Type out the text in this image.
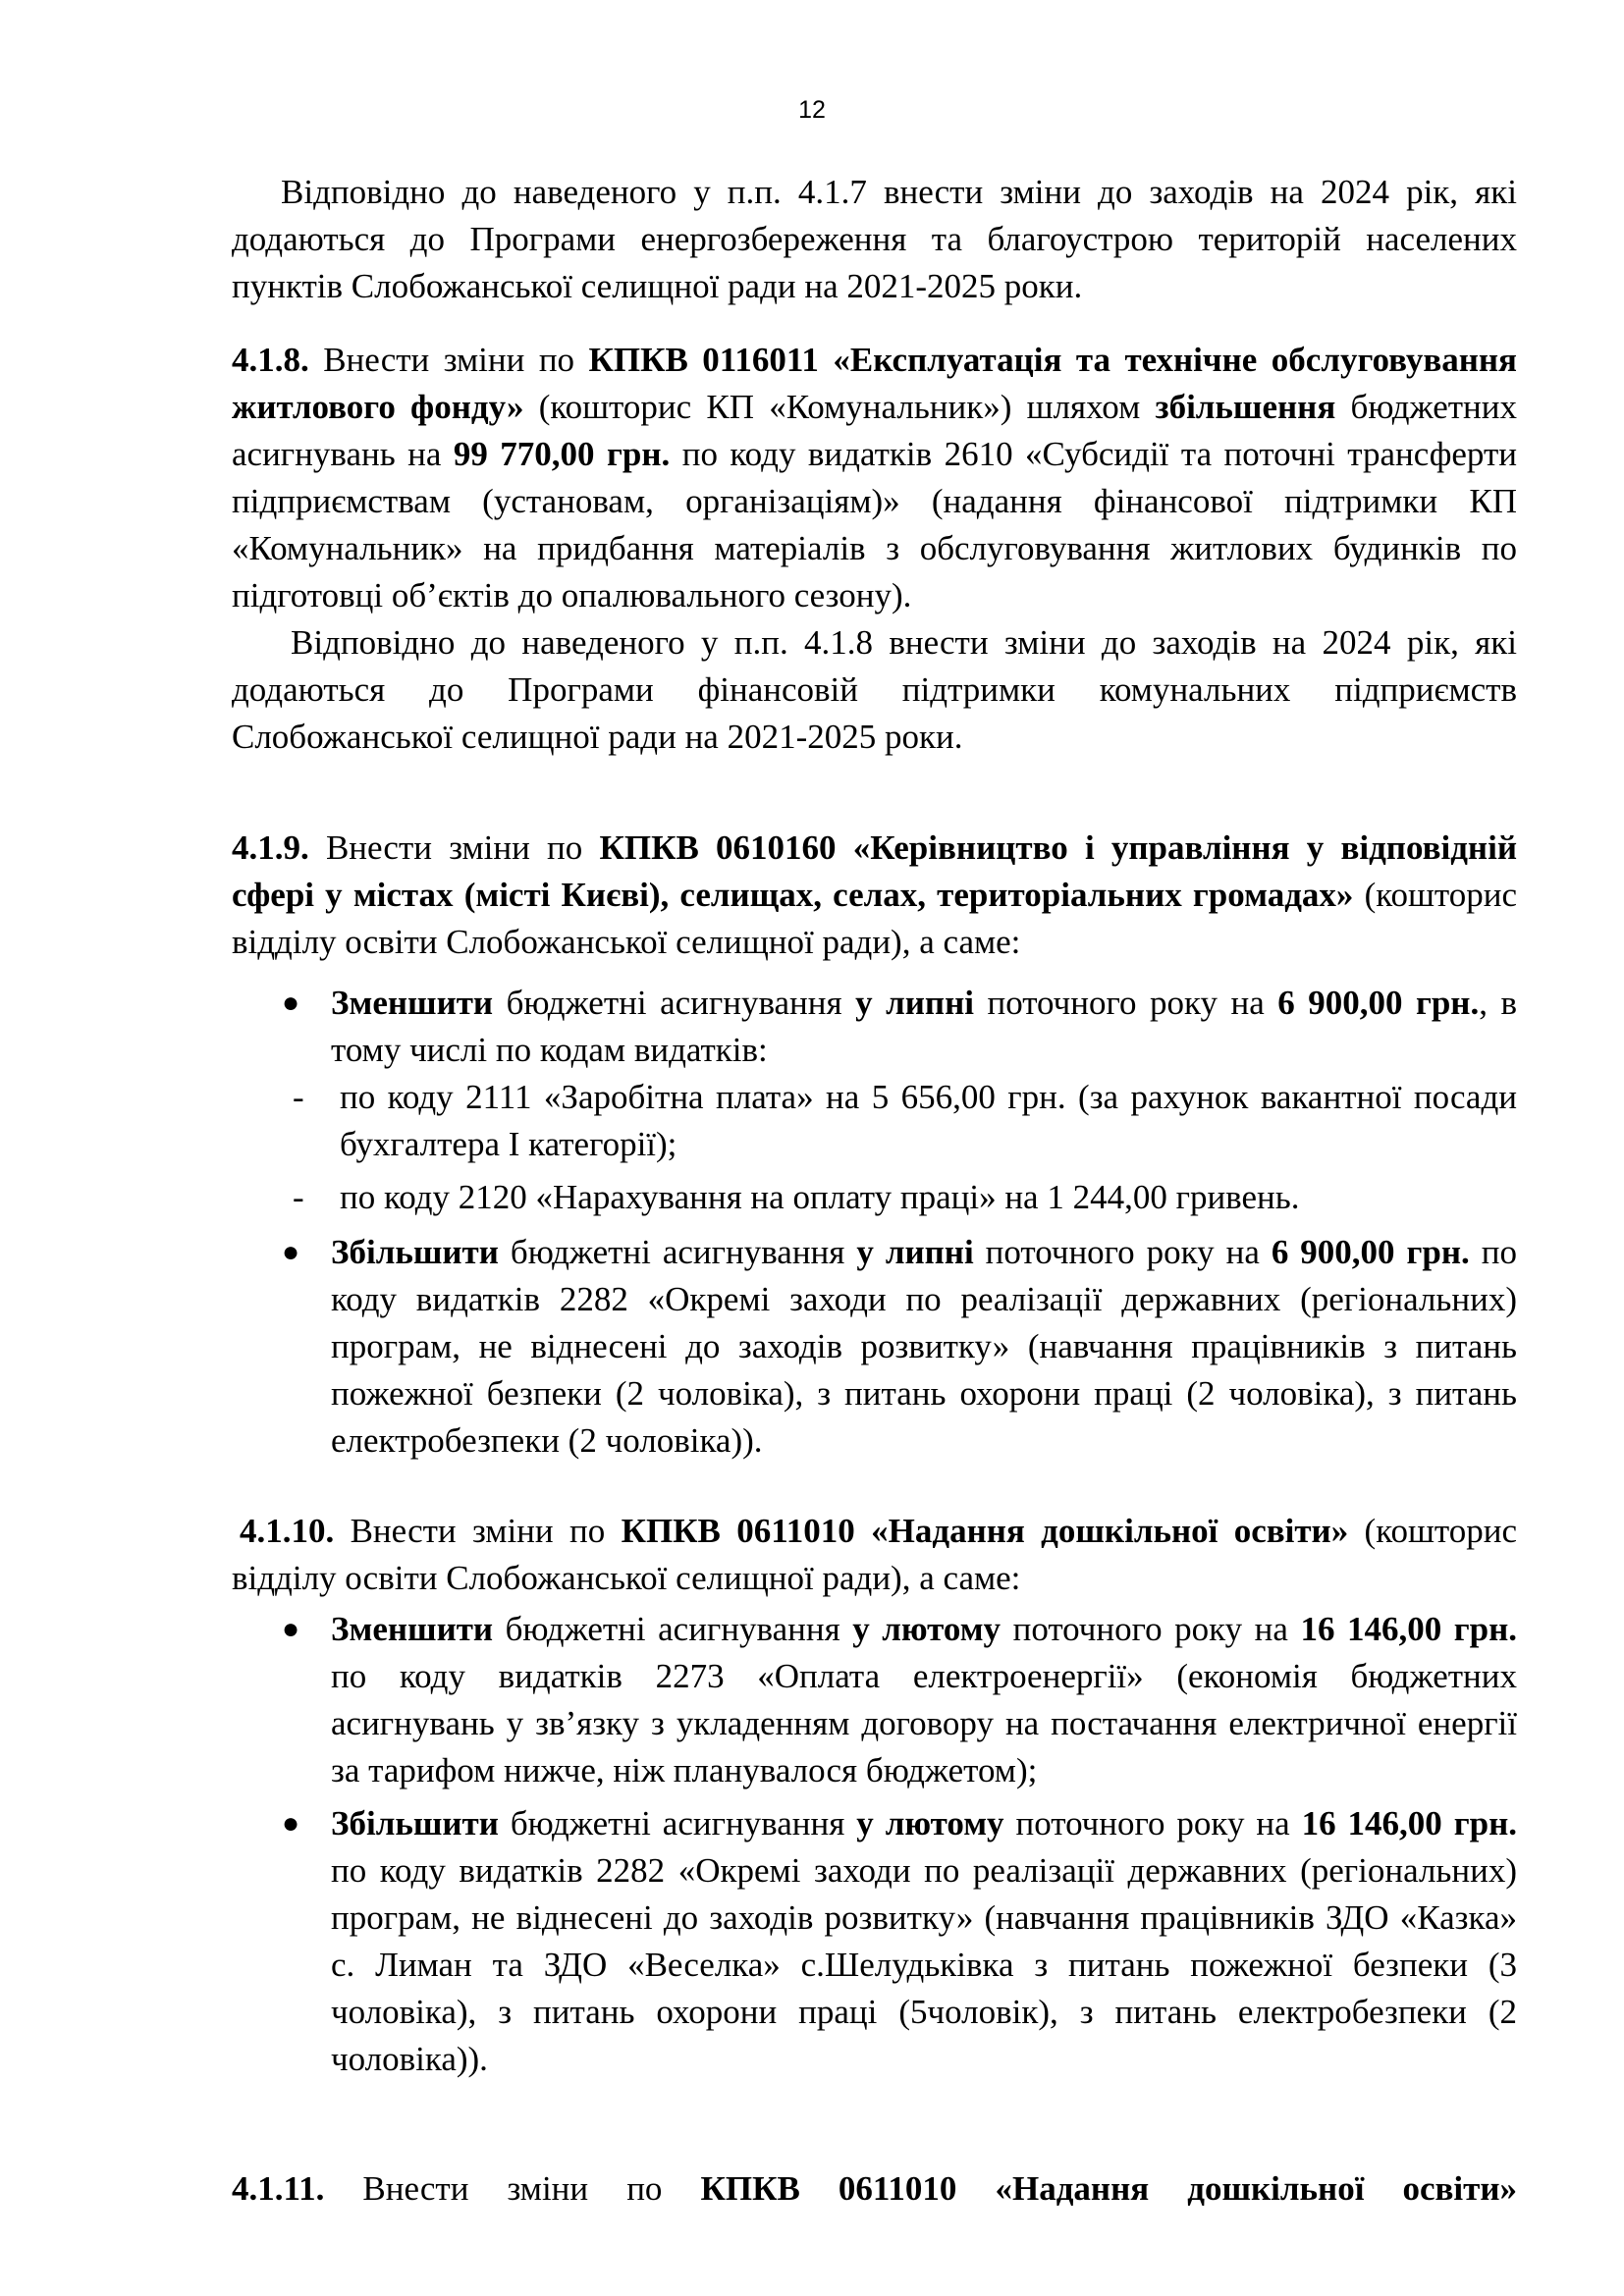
12

Відповідно до наведеного у п.п. 4.1.7 внести зміни до заходів на 2024 рік, які додаються до Програми енергозбереження та благоустрою територій населених пунктів Слобожанської селищної ради на 2021-2025 роки.

4.1.8. Внести зміни по КПКВ 0116011 «Експлуатація та технічне обслуговування житлового фонду» (кошторис КП «Комунальник») шляхом збільшення бюджетних асигнувань на 99 770,00 грн. по коду видатків 2610 «Субсидії та поточні трансферти підприємствам (установам, організаціям)» (надання фінансової підтримки КП «Комунальник» на придбання матеріалів з обслуговування житлових будинків по підготовці об’єктів до опалювального сезону).

Відповідно до наведеного у п.п. 4.1.8 внести зміни до заходів на 2024 рік, які додаються до Програми фінансовій підтримки комунальних підприємств Слобожанської селищної ради на 2021-2025 роки.

4.1.9. Внести зміни по КПКВ 0610160 «Керівництво і управління у відповідній сфері у містах (місті Києві), селищах, селах, територіальних громадах» (кошторис відділу освіти Слобожанської селищної ради), а саме:

● Зменшити бюджетні асигнування у липні поточного року на 6 900,00 грн., в тому числі по кодам видатків:
- по коду 2111 «Заробітна плата» на 5 656,00 грн. (за рахунок вакантної посади бухгалтера І категорії);
- по коду 2120 «Нарахування на оплату праці» на 1 244,00 гривень.
● Збільшити бюджетні асигнування у липні поточного року на 6 900,00 грн. по коду видатків 2282 «Окремі заходи по реалізації державних (регіональних) програм, не віднесені до заходів розвитку» (навчання працівників з питань пожежної безпеки (2 чоловіка), з питань охорони праці (2 чоловіка), з питань електробезпеки (2 чоловіка)).

4.1.10. Внести зміни по КПКВ 0611010 «Надання дошкільної освіти» (кошторис відділу освіти Слобожанської селищної ради), а саме:

● Зменшити бюджетні асигнування у лютому поточного року на 16 146,00 грн. по коду видатків 2273 «Оплата електроенергії» (економія бюджетних асигнувань у зв’язку з укладенням договору на постачання електричної енергії за тарифом нижче, ніж планувалося бюджетом);
● Збільшити бюджетні асигнування у лютому поточного року на 16 146,00 грн. по коду видатків 2282 «Окремі заходи по реалізації державних (регіональних) програм, не віднесені до заходів розвитку» (навчання працівників ЗДО «Казка» с. Лиман та ЗДО «Веселка» с.Шелудьківка з питань пожежної безпеки (3 чоловіка), з питань охорони праці (5чоловік), з питань електробезпеки (2 чоловіка)).

4.1.11. Внести зміни по КПКВ 0611010 «Надання дошкільної освіти»
